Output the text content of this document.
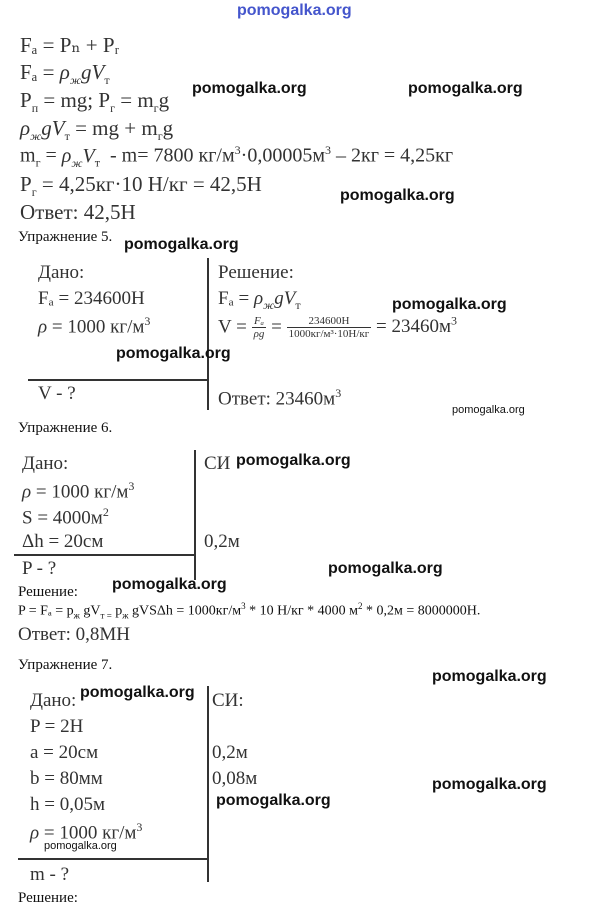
pomogalka.org
Fₐ = Pₙ + Pᵣ
$F_a = \rho_жgV_т$
$P_п$ = mg; $P_г = m_гg$
$\rho_жgV_т$ = mg + $m_гg$
$m_г = \rho_жV_т - m= 7800$ $кг/м^3\cdot 0,00005м^3 - 2кг = 4,25кг$
$P_г = 4,25кг\cdot 10$ Н/кг = 42,5Н
Ответ: 42,5Н
pomogalka.org	pomogalka.org
pomogalka.org
Упражнение 5. pomogalka.org
Дано:
Fₐ = 234600Н
ρ = 1000 $кг/м^3$
V - ?
Решение:
$F_a = \rho_жgV_т$
$V = \frac{\text{Fₐ}}{\rho g} = \frac{234600Н}{\text{1000кг/м³·10Н/кг}} = 23460м^3$
Ответ: $23460м^3$
pomogalka.org
pomogalka.org
pomogalka.org
Упражнение 6.
Дано:
ρ = 1000 $кг/м^3$
$S = 4000м^2$
Δh = 20см
P - ?
СИ
0,2м
pomogalka.org
Решение: pomogalka.org
pomogalka.org
$P = F_a = p_ж$ $gV_{т =}$ $p_ж$ $gVS\Delta h = 1000кг/м^3 * 10$ Н/кг * 4000 $м^2 * 0,2м = 8000000Н$.
Ответ: 0,8МН
Упражнение 7.
pomogalka.org
Дано: pomogalka.org
P = 2Н
a = 20см
b = 80мм
h = 0,05м
ρ = 1000 $кг/м^3$
pomogalka.org
m - ?
СИ:
0,2м
0,08м
pomogalka.org
pomogalka.org
Решение:
